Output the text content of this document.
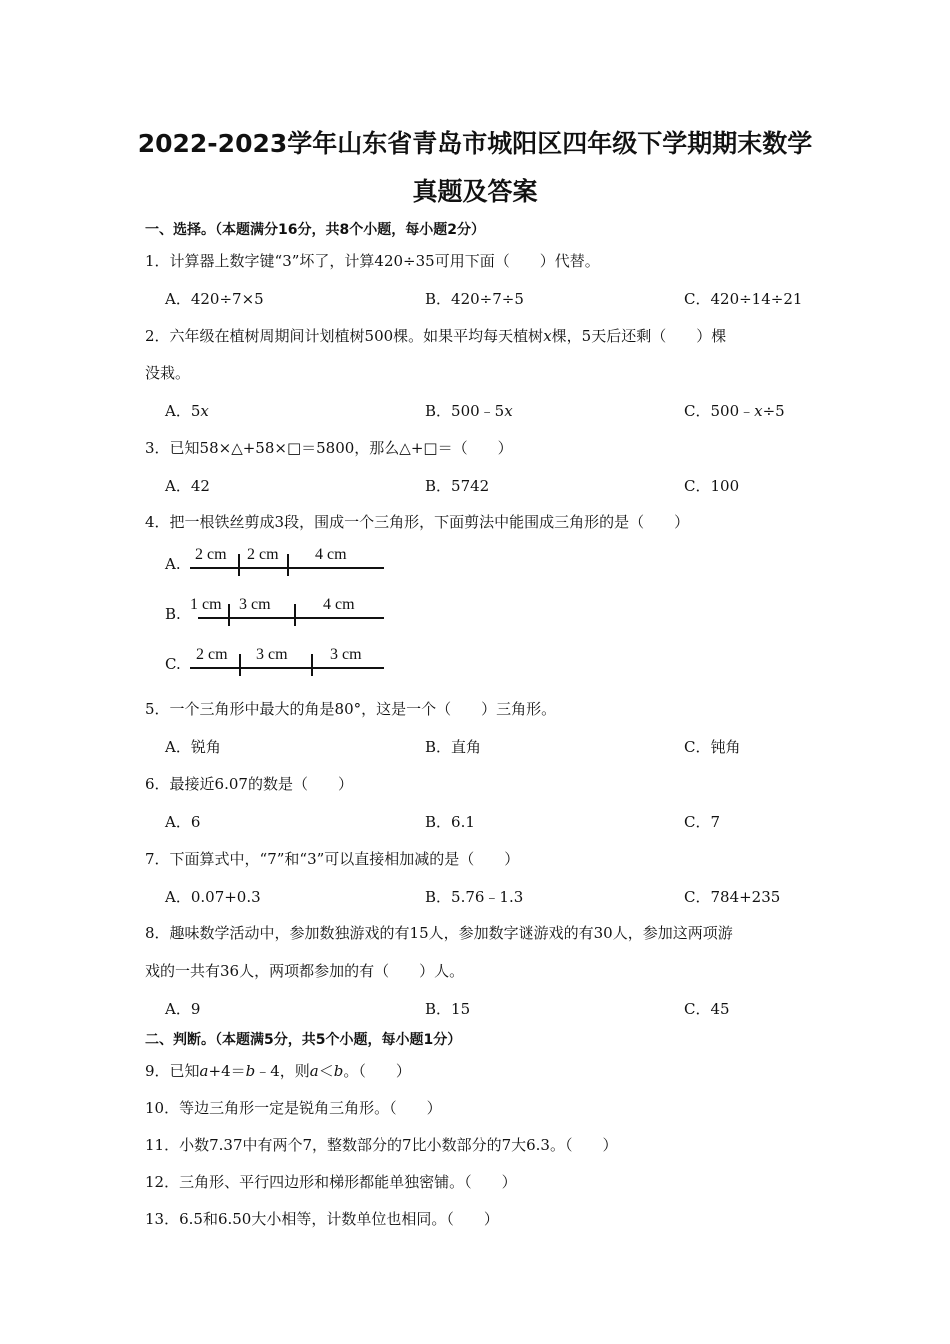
2022-2023学年山东省青岛市城阳区四年级下学期期末数学
真题及答案
一、选择。（本题满分16分，共8个小题，每小题2分）
1．计算器上数字键“3”坏了，计算420÷35可用下面（　　）代替。
A．420÷7×5	B．420÷7÷5	C．420÷14÷21
2．六年级在植树周期间计划植树500棵。如果平均每天植树x棵，5天后还剩（　　）棵
没栽。
A．5x	B．500﹣5x	C．500﹣x÷5
3．已知58×△+58×□＝5800，那么△+□＝（　　）
A．42	B．5742	C．100
4．把一根铁丝剪成3段，围成一个三角形，下面剪法中能围成三角形的是（　　）
A.
2 cm 2 cm 4 cm
B.
1 cm 3 cm	4 cm
C.
2 cm 3 cm	3 cm
5．一个三角形中最大的角是80°，这是一个（　　）三角形。
A．锐角	B．直角	C．钝角
6．最接近6.07的数是（　　）
A．6	B．6.1	C．7
7．下面算式中，“7”和“3”可以直接相加减的是（　　）
A．0.07+0.3	B．5.76﹣1.3	C．784+235
8．趣味数学活动中，参加数独游戏的有15人，参加数字谜游戏的有30人，参加这两项游
戏的一共有36人，两项都参加的有（　　）人。
A．9	B．15	C．45
二、判断。（本题满5分，共5个小题，每小题1分）
9．已知a+4＝b﹣4，则a＜b。（　　）
10．等边三角形一定是锐角三角形。（　　）
11．小数7.37中有两个7，整数部分的7比小数部分的7大6.3。（　　）
12．三角形、平行四边形和梯形都能单独密铺。（　　）
13．6.5和6.50大小相等，计数单位也相同。（　　）
